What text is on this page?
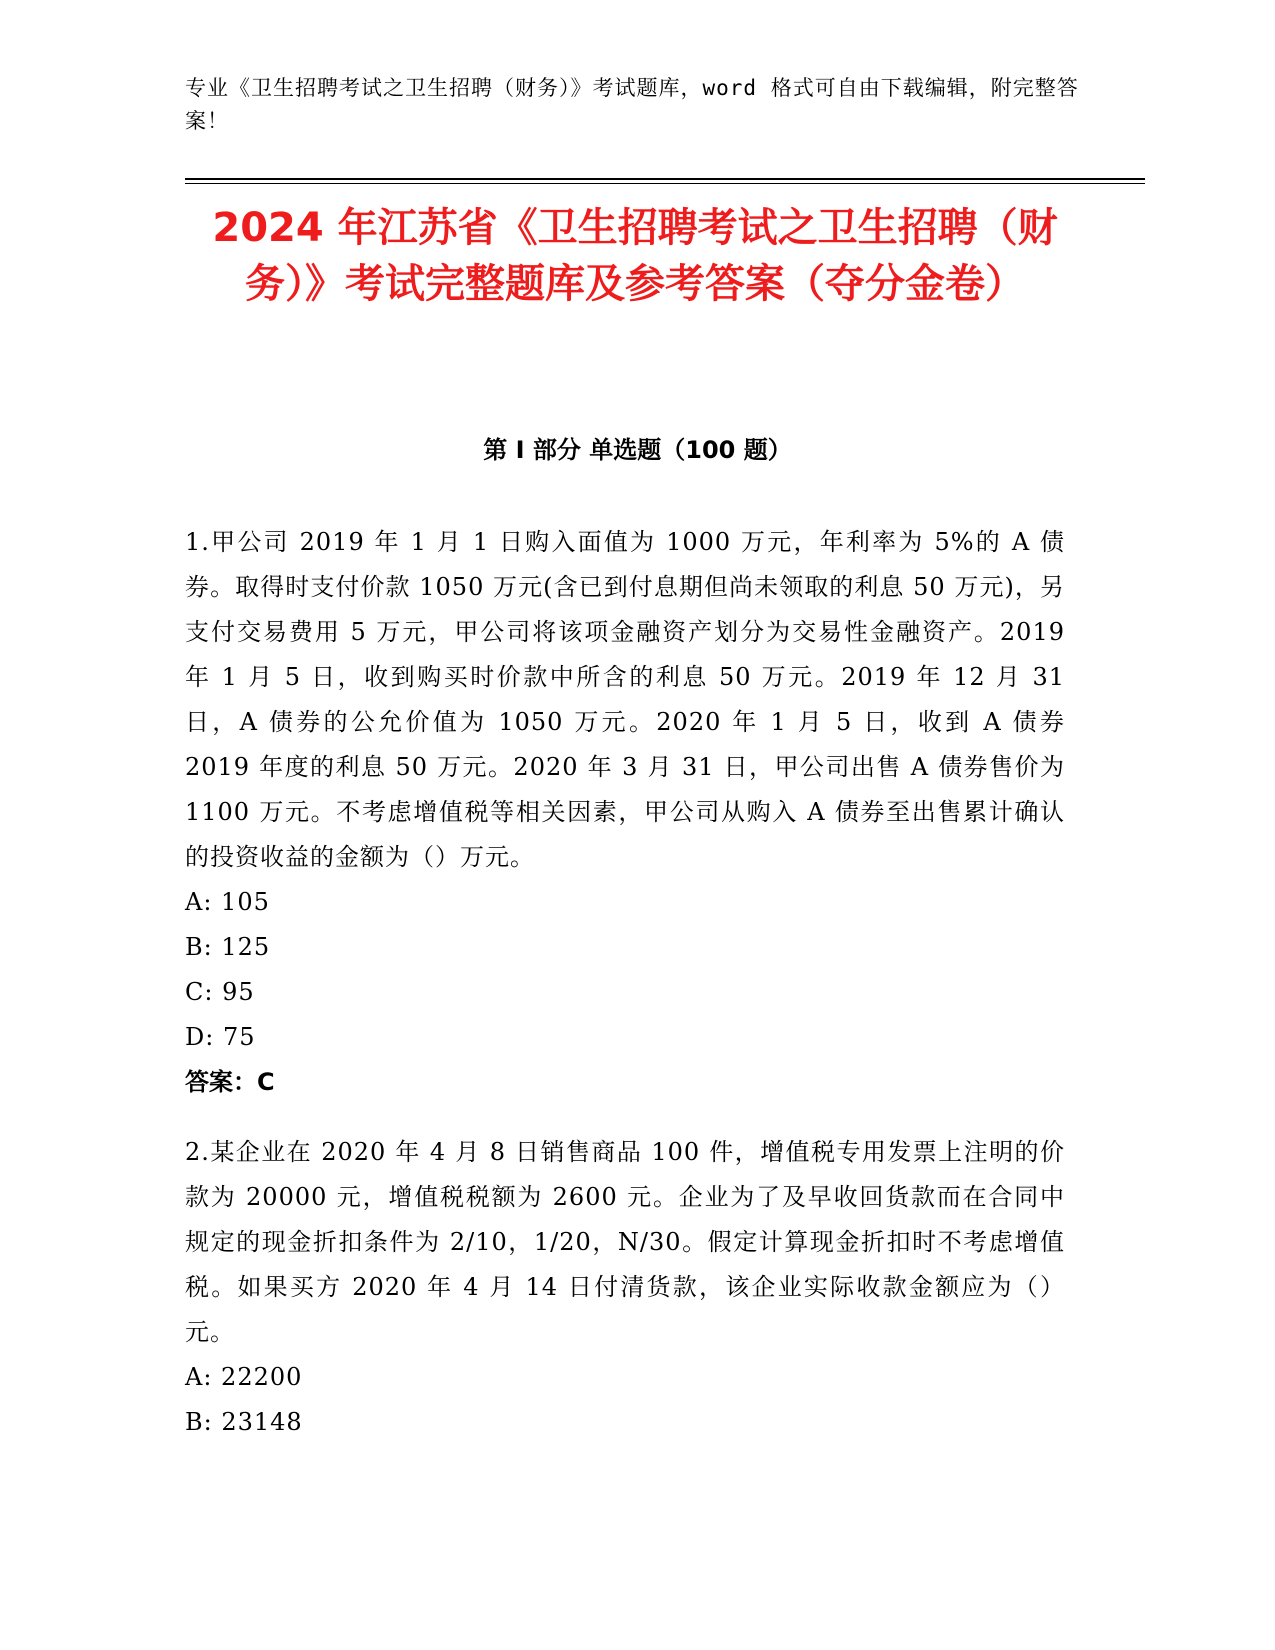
专业《卫生招聘考试之卫生招聘（财务）》考试题库，word 格式可自由下载编辑，附完整答案！
2024 年江苏省《卫生招聘考试之卫生招聘（财务）》考试完整题库及参考答案（夺分金卷）
第 I 部分 单选题（100 题）

1.甲公司 2019 年 1 月 1 日购入面值为 1000 万元，年利率为 5%的 A 债券。取得时支付价款 1050 万元(含已到付息期但尚未领取的利息 50 万元)，另支付交易费用 5 万元，甲公司将该项金融资产划分为交易性金融资产。2019 年 1 月 5 日，收到购买时价款中所含的利息 50 万元。2019 年 12 月 31 日，A 债券的公允价值为 1050 万元。2020 年 1 月 5 日，收到 A 债券 2019 年度的利息 50 万元。2020 年 3 月 31 日，甲公司出售 A 债券售价为 1100 万元。不考虑增值税等相关因素，甲公司从购入 A 债券至出售累计确认的投资收益的金额为（）万元。

A: 105

B: 125

C: 95

D: 75

答案：C

2.某企业在 2020 年 4 月 8 日销售商品 100 件，增值税专用发票上注明的价款为 20000 元，增值税税额为 2600 元。企业为了及早收回货款而在合同中规定的现金折扣条件为 2/10，1/20，N/30。假定计算现金折扣时不考虑增值税。如果买方 2020 年 4 月 14 日付清货款，该企业实际收款金额应为（）元。

A: 22200

B: 23148
